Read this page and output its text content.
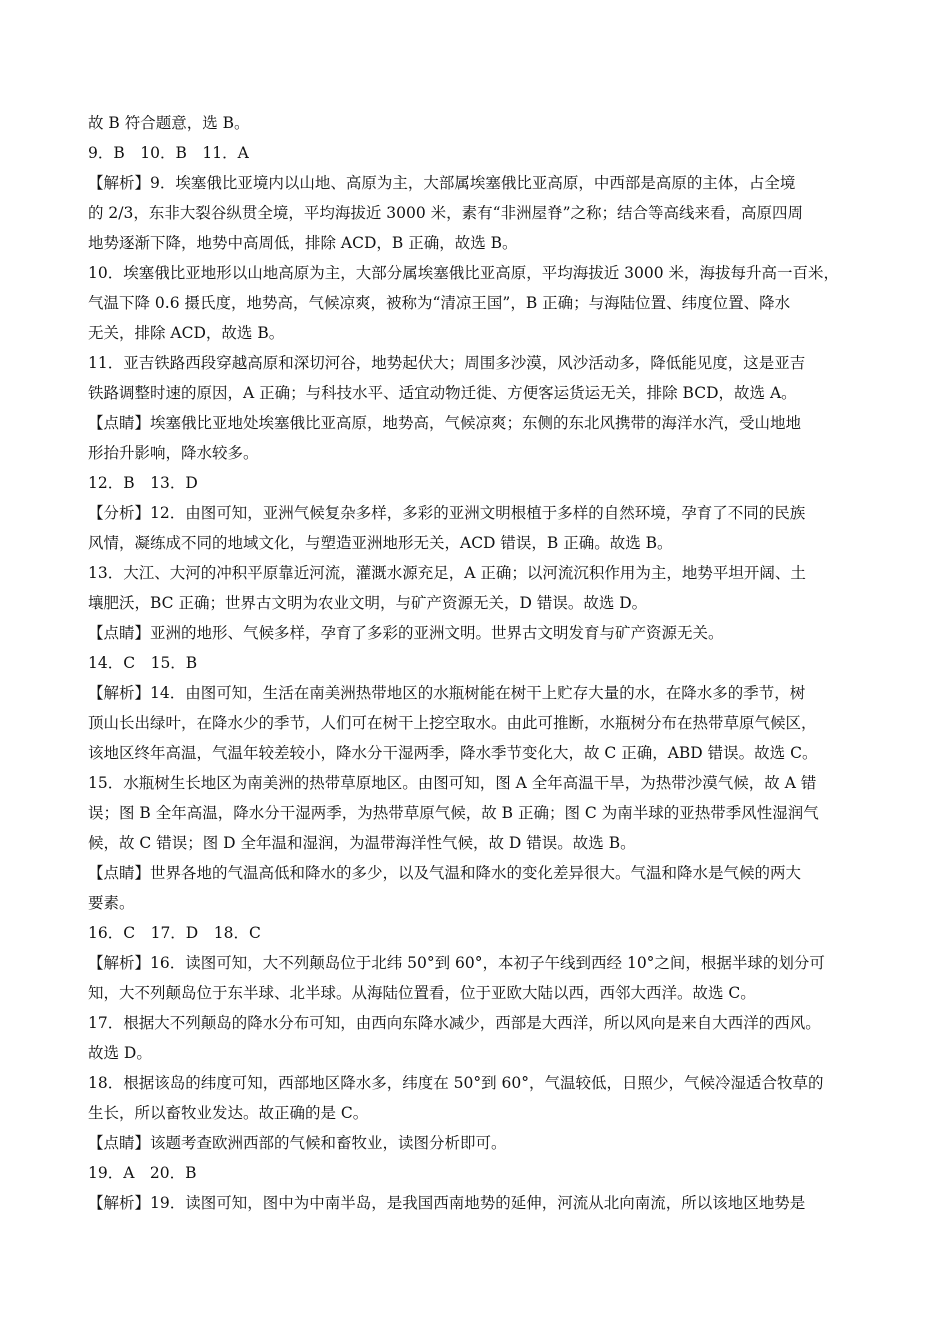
故 B 符合题意，选 B。
9．B　10．B　11．A
【解析】9．埃塞俄比亚境内以山地、高原为主，大部属埃塞俄比亚高原，中西部是高原的主体，占全境
的 2/3，东非大裂谷纵贯全境，平均海拔近 3000 米，素有“非洲屋脊”之称；结合等高线来看，高原四周
地势逐渐下降，地势中高周低，排除 ACD，B 正确，故选 B。
10．埃塞俄比亚地形以山地高原为主，大部分属埃塞俄比亚高原，平均海拔近 3000 米，海拔每升高一百米，
气温下降 0.6 摄氏度，地势高，气候凉爽，被称为“清凉王国”，B 正确；与海陆位置、纬度位置、降水
无关，排除 ACD，故选 B。
11．亚吉铁路西段穿越高原和深切河谷，地势起伏大；周围多沙漠，风沙活动多，降低能见度，这是亚吉
铁路调整时速的原因，A 正确；与科技水平、适宜动物迁徙、方便客运货运无关，排除 BCD，故选 A。
【点睛】埃塞俄比亚地处埃塞俄比亚高原，地势高，气候凉爽；东侧的东北风携带的海洋水汽，受山地地
形抬升影响，降水较多。
12．B　13．D
【分析】12．由图可知，亚洲气候复杂多样，多彩的亚洲文明根植于多样的自然环境，孕育了不同的民族
风情，凝练成不同的地域文化，与塑造亚洲地形无关，ACD 错误，B 正确。故选 B。
13．大江、大河的冲积平原靠近河流，灌溉水源充足，A 正确；以河流沉积作用为主，地势平坦开阔、土
壤肥沃，BC 正确；世界古文明为农业文明，与矿产资源无关，D 错误。故选 D。
【点睛】亚洲的地形、气候多样，孕育了多彩的亚洲文明。世界古文明发育与矿产资源无关。
14．C　15．B
【解析】14．由图可知，生活在南美洲热带地区的水瓶树能在树干上贮存大量的水，在降水多的季节，树
顶山长出绿叶，在降水少的季节，人们可在树干上挖空取水。由此可推断，水瓶树分布在热带草原气候区，
该地区终年高温，气温年较差较小，降水分干湿两季，降水季节变化大，故 C 正确，ABD 错误。故选 C。
15．水瓶树生长地区为南美洲的热带草原地区。由图可知，图 A 全年高温干旱，为热带沙漠气候，故 A 错
误；图 B 全年高温，降水分干湿两季，为热带草原气候，故 B 正确；图 C 为南半球的亚热带季风性湿润气
候，故 C 错误；图 D 全年温和湿润，为温带海洋性气候，故 D 错误。故选 B。
【点睛】世界各地的气温高低和降水的多少，以及气温和降水的变化差异很大。气温和降水是气候的两大
要素。
16．C　17．D　18．C
【解析】16．读图可知，大不列颠岛位于北纬 50°到 60°，本初子午线到西经 10°之间，根据半球的划分可
知，大不列颠岛位于东半球、北半球。从海陆位置看，位于亚欧大陆以西，西邻大西洋。故选 C。
17．根据大不列颠岛的降水分布可知，由西向东降水减少，西部是大西洋，所以风向是来自大西洋的西风。
故选 D。
18．根据该岛的纬度可知，西部地区降水多，纬度在 50°到 60°，气温较低，日照少，气候冷湿适合牧草的
生长，所以畜牧业发达。故正确的是 C。
【点睛】该题考查欧洲西部的气候和畜牧业，读图分析即可。
19．A　20．B
【解析】19．读图可知，图中为中南半岛，是我国西南地势的延伸，河流从北向南流，所以该地区地势是
